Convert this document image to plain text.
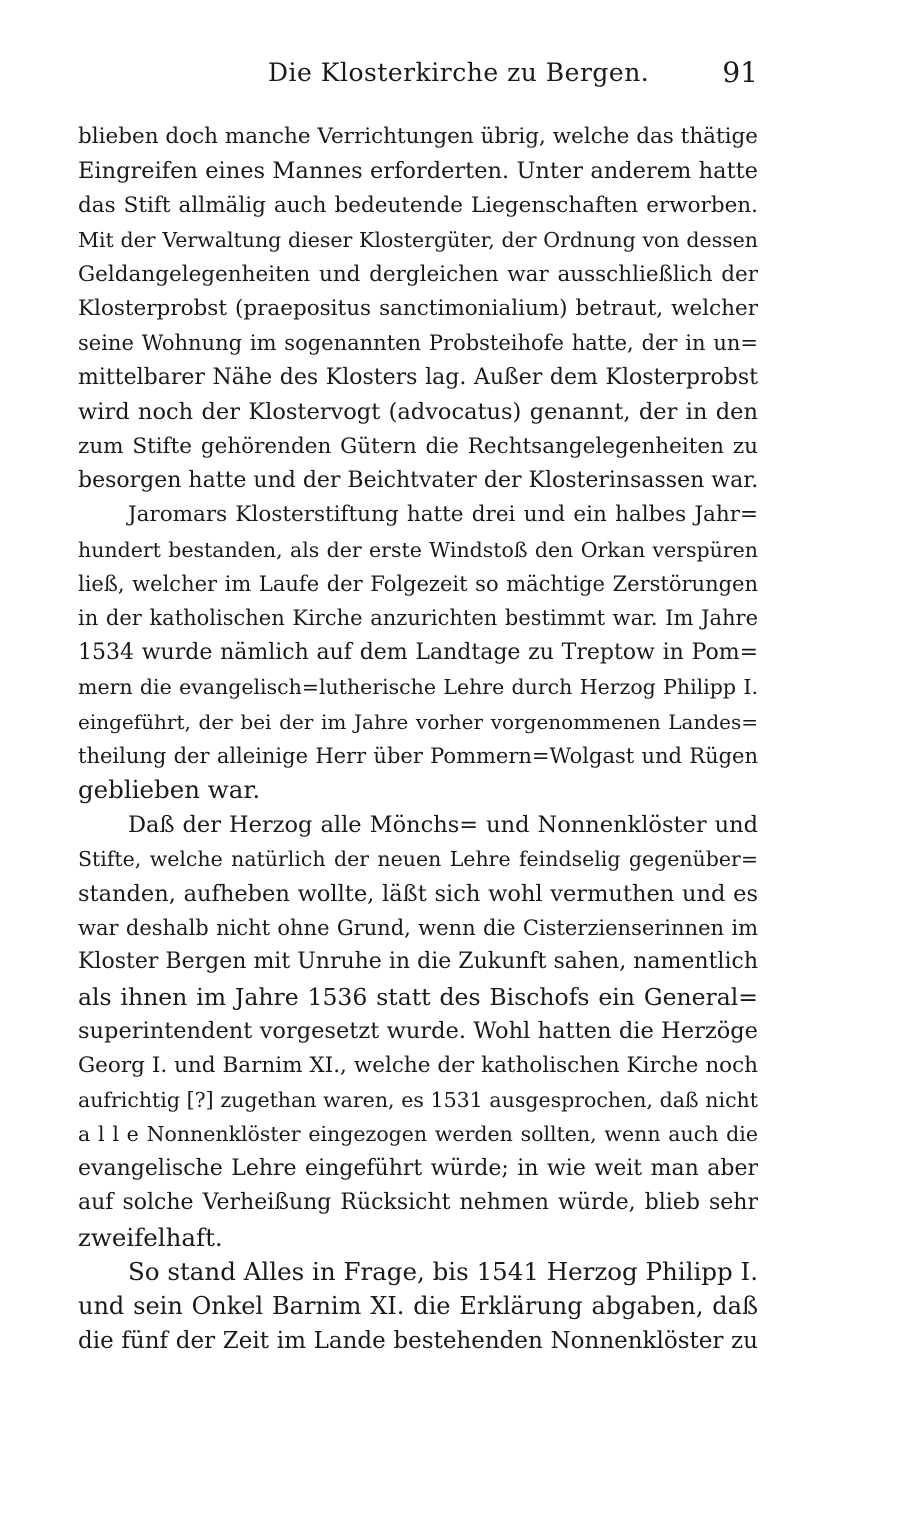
Die Klosterkirche zu Bergen.	91
blieben doch manche Verrichtungen übrig, welche das thätige
Eingreifen eines Mannes erforderten. Unter anderem hatte
das Stift allmälig auch bedeutende Liegenschaften erworben.
Mit der Verwaltung dieser Klostergüter, der Ordnung von dessen
Geldangelegenheiten und dergleichen war ausschließlich der
Klosterprobst (praepositus sanctimonialium) betraut, welcher
seine Wohnung im sogenannten Probsteihofe hatte, der in un=
mittelbarer Nähe des Klosters lag. Außer dem Klosterprobst
wird noch der Klostervogt (advocatus) genannt, der in den
zum Stifte gehörenden Gütern die Rechtsangelegenheiten zu
besorgen hatte und der Beichtvater der Klosterinsassen war.
Jaromars Klosterstiftung hatte drei und ein halbes Jahr=
hundert bestanden, als der erste Windstoß den Orkan verspüren
ließ, welcher im Laufe der Folgezeit so mächtige Zerstörungen
in der katholischen Kirche anzurichten bestimmt war. Im Jahre
1534 wurde nämlich auf dem Landtage zu Treptow in Pom=
mern die evangelisch=lutherische Lehre durch Herzog Philipp I.
eingeführt, der bei der im Jahre vorher vorgenommenen Landes=
theilung der alleinige Herr über Pommern=Wolgast und Rügen
geblieben war.
Daß der Herzog alle Mönchs= und Nonnenklöster und
Stifte, welche natürlich der neuen Lehre feindselig gegenüber=
standen, aufheben wollte, läßt sich wohl vermuthen und es
war deshalb nicht ohne Grund, wenn die Cisterzienserinnen im
Kloster Bergen mit Unruhe in die Zukunft sahen, namentlich
als ihnen im Jahre 1536 statt des Bischofs ein General=
superintendent vorgesetzt wurde. Wohl hatten die Herzöge
Georg I. und Barnim XI., welche der katholischen Kirche noch
aufrichtig [?] zugethan waren, es 1531 ausgesprochen, daß nicht
a l l e Nonnenklöster eingezogen werden sollten, wenn auch die
evangelische Lehre eingeführt würde; in wie weit man aber
auf solche Verheißung Rücksicht nehmen würde, blieb sehr
zweifelhaft.
So stand Alles in Frage, bis 1541 Herzog Philipp I.
und sein Onkel Barnim XI. die Erklärung abgaben, daß
die fünf der Zeit im Lande bestehenden Nonnenklöster zu
